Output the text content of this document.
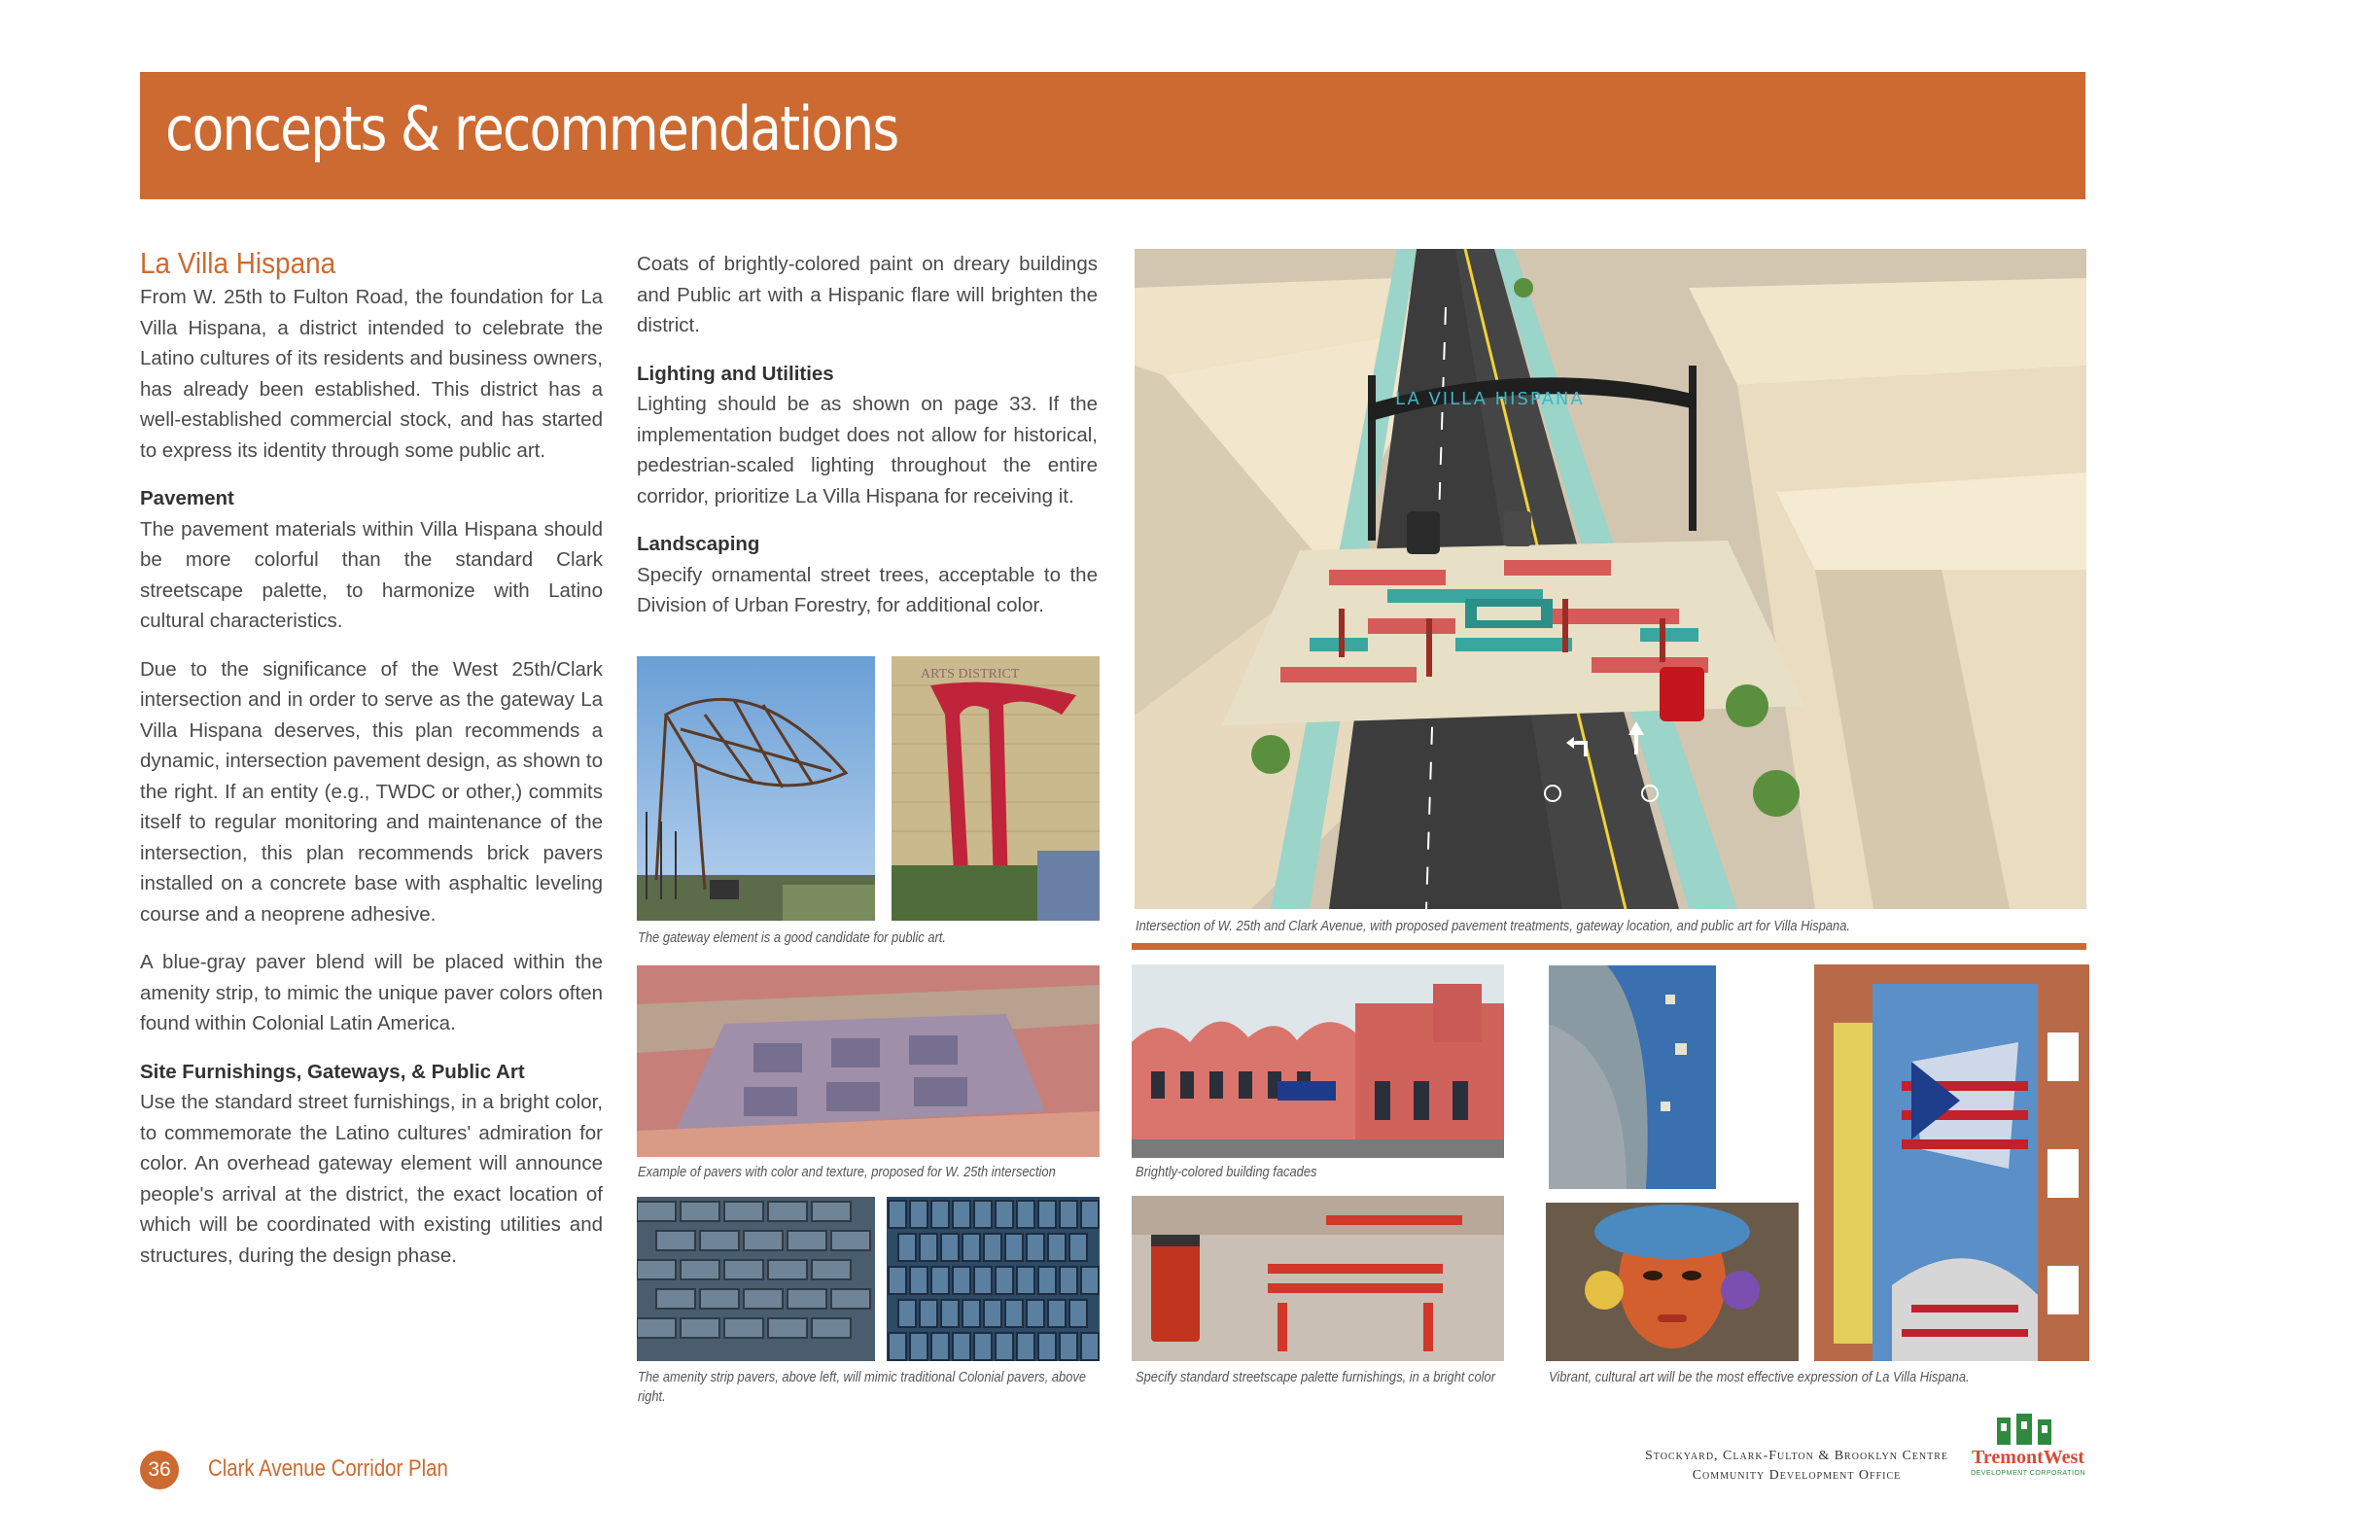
concepts & recommendations
La Villa Hispana

From W. 25th to Fulton Road, the foundation for La Villa Hispana, a district intended to celebrate the Latino cultures of its residents and business owners, has already been established. This district has a well-established commercial stock, and has started to express its identity through some public art.

Pavement

The pavement materials within Villa Hispana should be more colorful than the standard Clark streetscape palette, to harmonize with Latino cultural characteristics.

Due to the significance of the West 25th/Clark intersection and in order to serve as the gateway La Villa Hispana deserves, this plan recommends a dynamic, intersection pavement design, as shown to the right. If an entity (e.g., TWDC or other,) commits itself to regular monitoring and maintenance of the intersection, this plan recommends brick pavers installed on a concrete base with asphaltic leveling course and a neoprene adhesive.

A blue-gray paver blend will be placed within the amenity strip, to mimic the unique paver colors often found within Colonial Latin America.

Site Furnishings, Gateways, & Public Art

Use the standard street furnishings, in a bright color, to commemorate the Latino cultures' admiration for color. An overhead gateway element will announce people's arrival at the district, the exact location of which will be coordinated with existing utilities and structures, during the design phase.

Coats of brightly-colored paint on dreary buildings and Public art with a Hispanic flare will brighten the district.

Lighting and Utilities

Lighting should be as shown on page 33. If the implementation budget does not allow for historical, pedestrian-scaled lighting throughout the entire corridor, prioritize La Villa Hispana for receiving it.

Landscaping

Specify ornamental street trees, acceptable to the Division of Urban Forestry, for additional color.

ARTS DISTRICT
The gateway element is a good candidate for public art.
Example of pavers with color and texture, proposed for W. 25th intersection
The amenity strip pavers, above left, will mimic traditional Colonial pavers, above right.
LA VILLA HISPANA
Intersection of W. 25th and Clark Avenue, with proposed pavement treatments, gateway location, and public art for Villa Hispana.
Brightly-colored building facades
Specify standard streetscape palette furnishings, in a bright color	Vibrant, cultural art will be the most effective expression of La Villa Hispana.
36	Clark Avenue Corridor Plan	Stockyard, Clark-Fulton & Brooklyn Centre
Community Development Office
TremontWest
DEVELOPMENT CORPORATION
